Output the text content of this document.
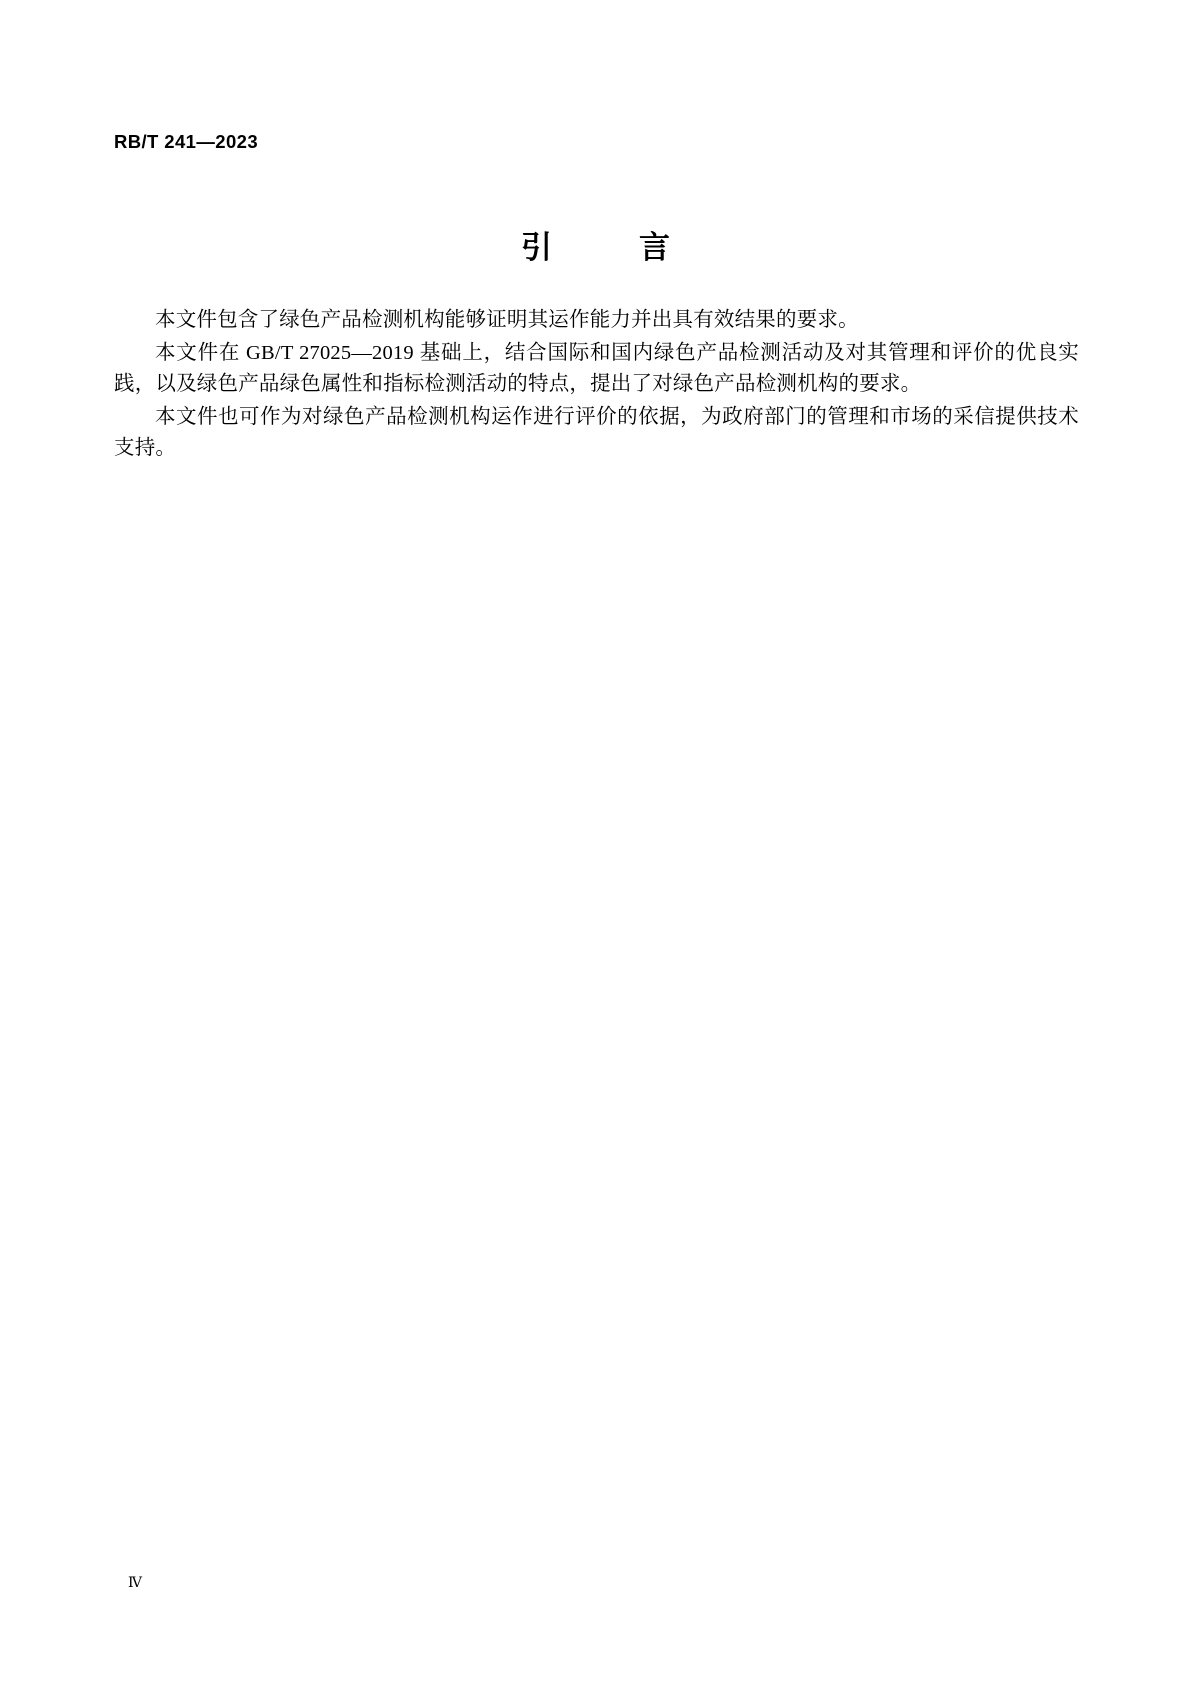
RB/T 241—2023
引　言

本文件包含了绿色产品检测机构能够证明其运作能力并出具有效结果的要求。

本文件在 GB/T 27025—2019 基础上，结合国际和国内绿色产品检测活动及对其管理和评价的优良实践，以及绿色产品绿色属性和指标检测活动的特点，提出了对绿色产品检测机构的要求。

本文件也可作为对绿色产品检测机构运作进行评价的依据，为政府部门的管理和市场的采信提供技术支持。

Ⅳ
